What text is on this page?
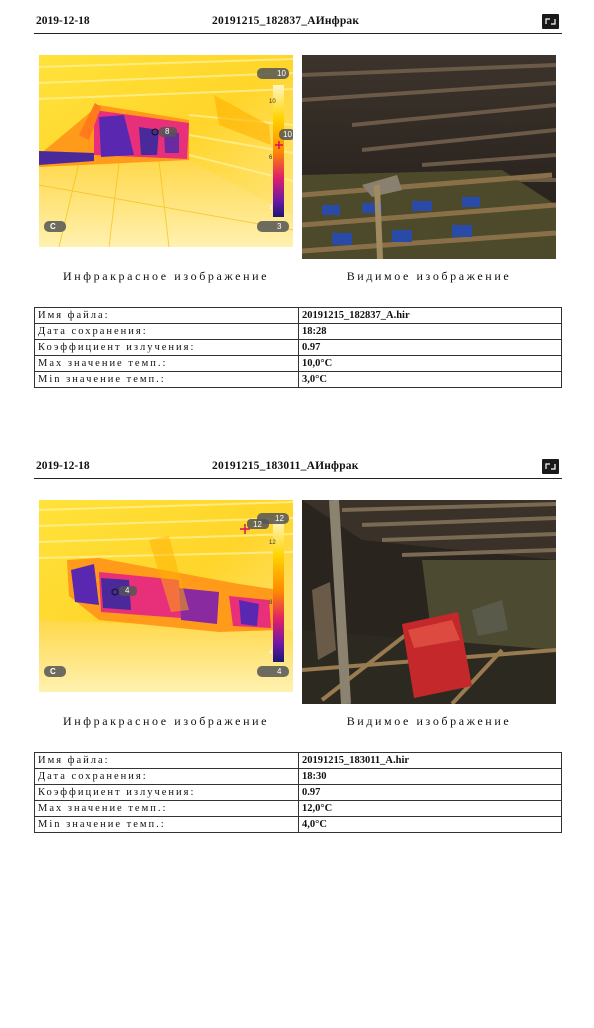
2019-12-18	20191215_182837_АИнфрак
10
3
C
10
8
10
6
3
Инфракрасное изображение	Видимое изображение
Имя файла:	20191215_182837_A.hir
Дата сохранения:	18:28
Коэффициент излучения:	0.97
Max значение темп.:	10,0°C
Min значение темп.:	3,0°C
2019-12-18	20191215_183011_АИнфрак
12
4
C
12
4
12
8
4
Инфракрасное изображение	Видимое изображение
Имя файла:	20191215_183011_A.hir
Дата сохранения:	18:30
Коэффициент излучения:	0.97
Max значение темп.:	12,0°C
Min значение темп.:	4,0°C
